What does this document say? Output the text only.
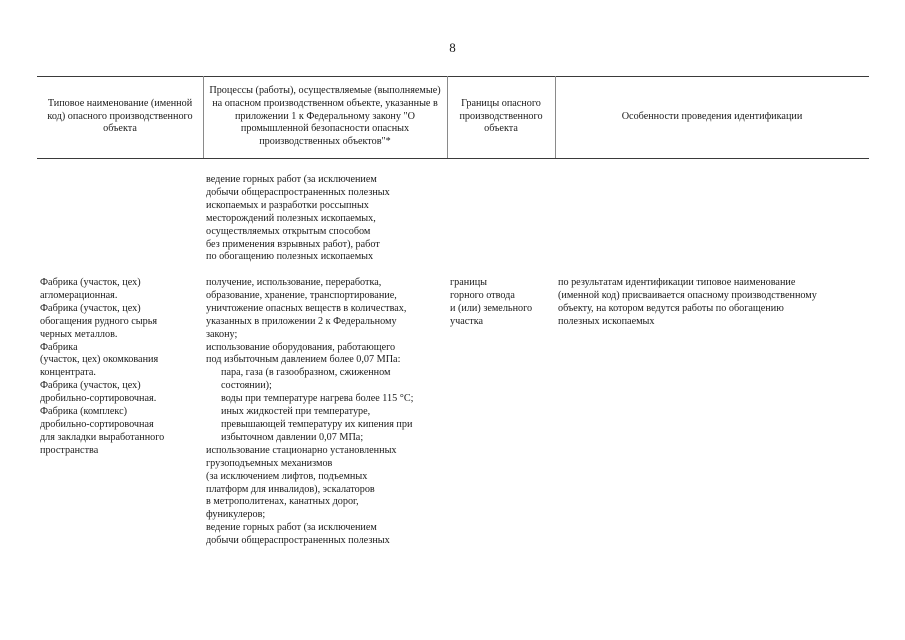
8
Типовое наименование (именной код) опасного производственного объекта
Процессы (работы), осуществляемые (выполняемые) на опасном производственном объекте, указанные в приложении 1 к Федеральному закону "О промышленной безопасности опасных производственных объектов"*
Границы опасного производственного объекта
Особенности проведения идентификации
ведение горных работ (за исключением
добычи общераспространенных полезных
ископаемых и разработки россыпных
месторождений полезных ископаемых,
осуществляемых открытым способом
без применения взрывных работ), работ
по обогащению полезных ископаемых
Фабрика (участок, цех)
агломерационная.
Фабрика (участок, цех)
обогащения рудного сырья
черных металлов.
Фабрика
(участок, цех) окомкования
концентрата.
Фабрика (участок, цех)
дробильно-сортировочная.
Фабрика (комплекс)
дробильно-сортировочная
для закладки выработанного
пространства
получение, использование, переработка,
образование, хранение, транспортирование,
уничтожение опасных веществ в количествах,
указанных в приложении 2 к Федеральному
закону;
использование оборудования, работающего
под избыточным давлением более 0,07 МПа:
пара, газа (в газообразном, сжиженном
состоянии);
воды при температуре нагрева более 115 °С;
иных жидкостей при температуре,
превышающей температуру их кипения при
избыточном давлении 0,07 МПа;
использование стационарно установленных
грузоподъемных механизмов
(за исключением лифтов, подъемных
платформ для инвалидов), эскалаторов
в метрополитенах, канатных дорог,
фуникулеров;
ведение горных работ (за исключением
добычи общераспространенных полезных
границы
горного отвода
и (или) земельного
участка
по результатам идентификации типовое наименование
(именной код) присваивается опасному производственному
объекту, на котором ведутся работы по обогащению
полезных ископаемых
